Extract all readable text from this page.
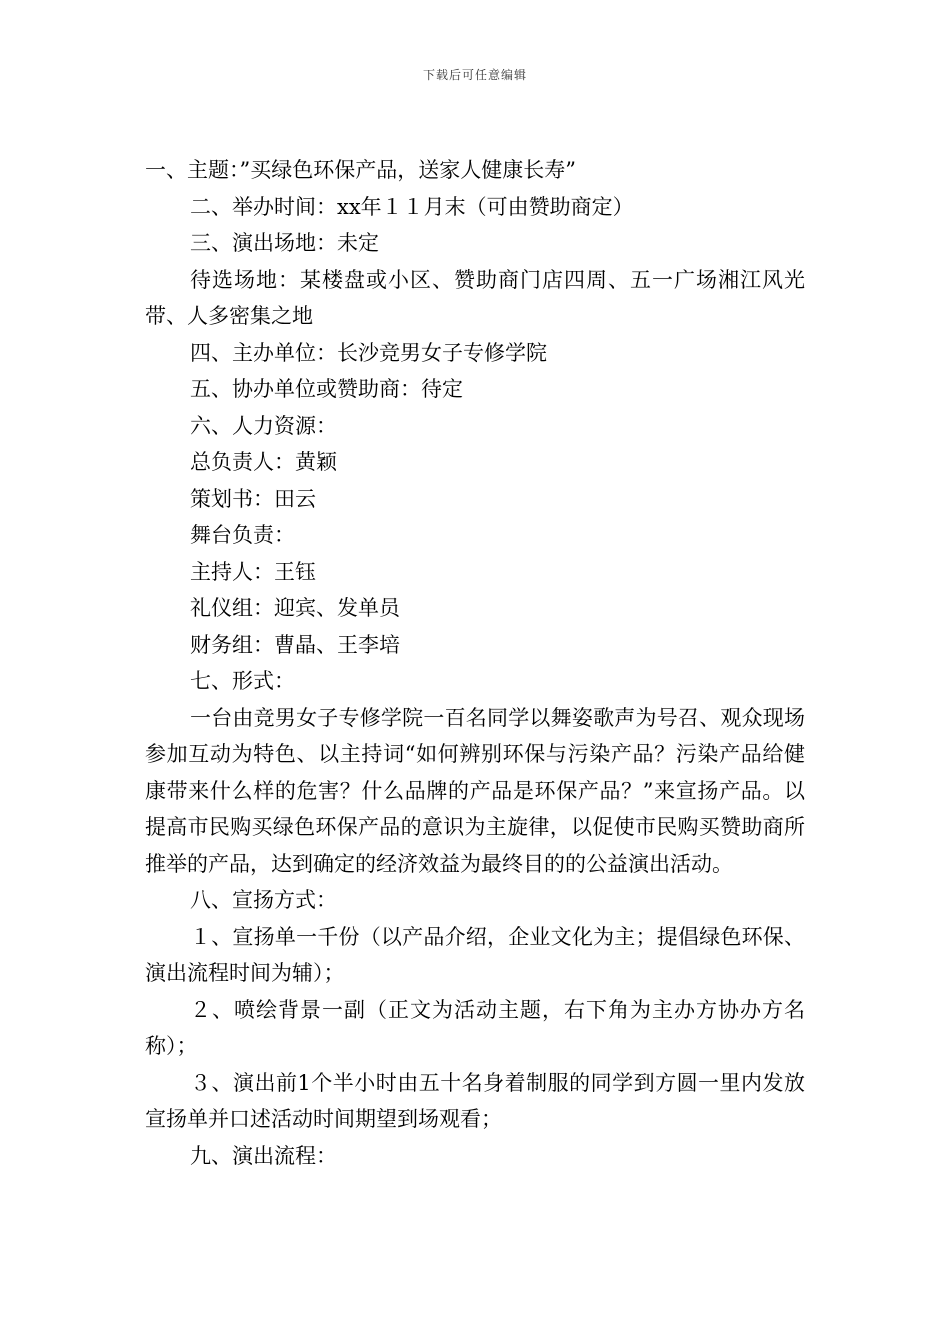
下载后可任意编辑

一、主题：”买绿色环保产品，送家人健康长寿”

二、举办时间：xx年１１月末（可由赞助商定）

三、演出场地：未定

待选场地：某楼盘或小区、赞助商门店四周、五一广场湘江风光带、人多密集之地

四、主办单位：长沙竞男女子专修学院

五、协办单位或赞助商：待定

六、人力资源：

总负责人：黄颖

策划书：田云

舞台负责：

主持人：王钰

礼仪组：迎宾、发单员

财务组：曹晶、王李培

七、形式：

一台由竞男女子专修学院一百名同学以舞姿歌声为号召、观众现场参加互动为特色、以主持词“如何辨别环保与污染产品？污染产品给健康带来什么样的危害？什么品牌的产品是环保产品？”来宣扬产品。以提高市民购买绿色环保产品的意识为主旋律，以促使市民购买赞助商所推举的产品，达到确定的经济效益为最终目的的公益演出活动。

八、宣扬方式：

１、宣扬单一千份（以产品介绍，企业文化为主；提倡绿色环保、演出流程时间为辅）；

２、喷绘背景一副（正文为活动主题，右下角为主办方协办方名称）；

３、演出前1个半小时由五十名身着制服的同学到方圆一里内发放宣扬单并口述活动时间期望到场观看；

九、演出流程：
